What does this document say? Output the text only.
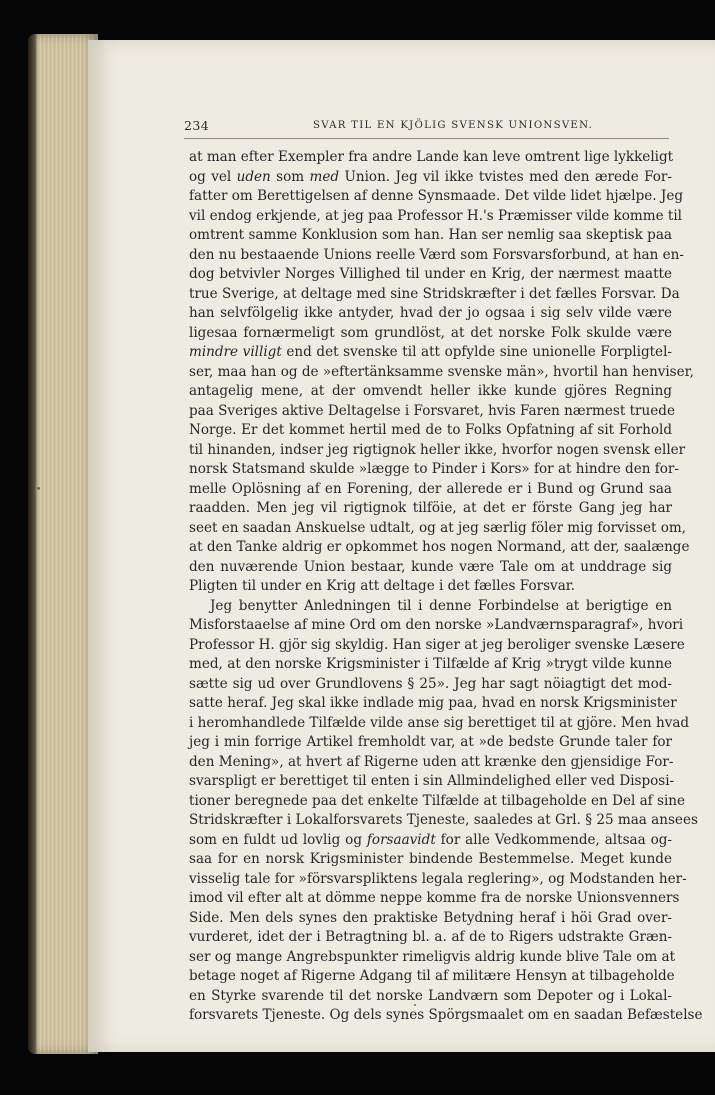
234	SVAR TIL EN KJÖLIG SVENSK UNIONSVEN.
at man efter Exempler fra andre Lande kan leve omtrent lige lykkeligt
og vel uden som med Union. Jeg vil ikke tvistes med den ærede For-
fatter om Berettigelsen af denne Synsmaade. Det vilde lidet hjælpe. Jeg
vil endog erkjende, at jeg paa Professor H.'s Præmisser vilde komme til
omtrent samme Konklusion som han. Han ser nemlig saa skeptisk paa
den nu bestaaende Unions reelle Værd som Forsvarsforbund, at han en-
dog betvivler Norges Villighed til under en Krig, der nærmest maatte
true Sverige, at deltage med sine Stridskræfter i det fælles Forsvar. Da
han selvfölgelig ikke antyder, hvad der jo ogsaa i sig selv vilde være
ligesaa fornærmeligt som grundlöst, at det norske Folk skulde være
mindre villigt end det svenske til att opfylde sine unionelle Forpligtel-
ser, maa han og de »eftertänksamme svenske män», hvortil han henviser,
antagelig mene, at der omvendt heller ikke kunde gjöres Regning
paa Sveriges aktive Deltagelse i Forsvaret, hvis Faren nærmest truede
Norge. Er det kommet hertil med de to Folks Opfatning af sit Forhold
til hinanden, indser jeg rigtignok heller ikke, hvorfor nogen svensk eller
norsk Statsmand skulde »lægge to Pinder i Kors» for at hindre den for-
melle Oplösning af en Forening, der allerede er i Bund og Grund saa
raadden. Men jeg vil rigtignok tilföie, at det er förste Gang jeg har
seet en saadan Anskuelse udtalt, og at jeg særlig föler mig forvisset om,
at den Tanke aldrig er opkommet hos nogen Normand, att der, saalænge
den nuværende Union bestaar, kunde være Tale om at unddrage sig
Pligten til under en Krig att deltage i det fælles Forsvar.
Jeg benytter Anledningen til i denne Forbindelse at berigtige en
Misforstaaelse af mine Ord om den norske »Landværnsparagraf», hvori
Professor H. gjör sig skyldig. Han siger at jeg beroliger svenske Læsere
med, at den norske Krigsminister i Tilfælde af Krig »trygt vilde kunne
sætte sig ud over Grundlovens § 25». Jeg har sagt nöiagtigt det mod-
satte heraf. Jeg skal ikke indlade mig paa, hvad en norsk Krigsminister
i heromhandlede Tilfælde vilde anse sig berettiget til at gjöre. Men hvad
jeg i min forrige Artikel fremholdt var, at »de bedste Grunde taler for
den Mening», at hvert af Rigerne uden att krænke den gjensidige For-
svarspligt er berettiget til enten i sin Allmindelighed eller ved Disposi-
tioner beregnede paa det enkelte Tilfælde at tilbageholde en Del af sine
Stridskræfter i Lokalforsvarets Tjeneste, saaledes at Grl. § 25 maa ansees
som en fuldt ud lovlig og forsaavidt for alle Vedkommende, altsaa og-
saa for en norsk Krigsminister bindende Bestemmelse. Meget kunde
visselig tale for »försvarspliktens legala reglering», og Modstanden her-
imod vil efter alt at dömme neppe komme fra de norske Unionsvenners
Side. Men dels synes den praktiske Betydning heraf i höi Grad over-
vurderet, idet der i Betragtning bl. a. af de to Rigers udstrakte Græn-
ser og mange Angrebspunkter rimeligvis aldrig kunde blive Tale om at
betage noget af Rigerne Adgang til af militære Hensyn at tilbageholde
en Styrke svarende til det norske Landværn som Depoter og i Lokal-
forsvarets Tjeneste. Og dels synes Spörgsmaalet om en saadan Befæstelse
